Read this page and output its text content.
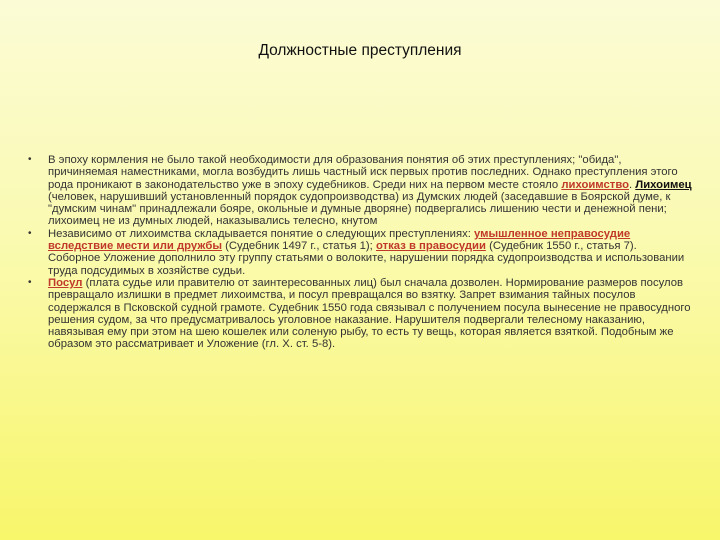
Должностные преступления
• В эпоху кормления не было такой необходимости для образования понятия об этих преступлениях; "обида", причиняемая наместниками, могла возбудить лишь частный иск первых против последних. Однако преступления этого рода проникают в законодательство уже в эпоху судебников. Среди них на первом месте стояло лихоимство. Лихоимец (человек, нарушивший установленный порядок судопроизводства) из Думских людей (заседавшие в Боярской думе, к "думским чинам" принадлежали бояре, окольные и думные дворяне) подвергались лишению чести и денежной пени; лихоимец не из думных людей, наказывались телесно, кнутом
• Независимо от лихоимства складывается понятие о следующих преступлениях: умышленное неправосудие вследствие мести или дружбы (Судебник 1497 г., статья 1); отказ в правосудии (Судебник 1550 г., статья 7). Соборное Уложение дополнило эту группу статьями о волоките, нарушении порядка судопроизводства и использовании труда подсудимых в хозяйстве судьи.
• Посул (плата судье или правителю от заинтересованных лиц) был сначала дозволен. Нормирование размеров посулов превращало излишки в предмет лихоимства, и посул превращался во взятку. Запрет взимания тайных посулов содержался в Псковской судной грамоте. Судебник 1550 года связывал с получением посула вынесение не правосудного решения судом, за что предусматривалось уголовное наказание. Нарушителя подвергали телесному наказанию, навязывая ему при этом на шею кошелек или соленую рыбу, то есть ту вещь, которая является взяткой. Подобным же образом это рассматривает и Уложение (гл. X. ст. 5-8).
